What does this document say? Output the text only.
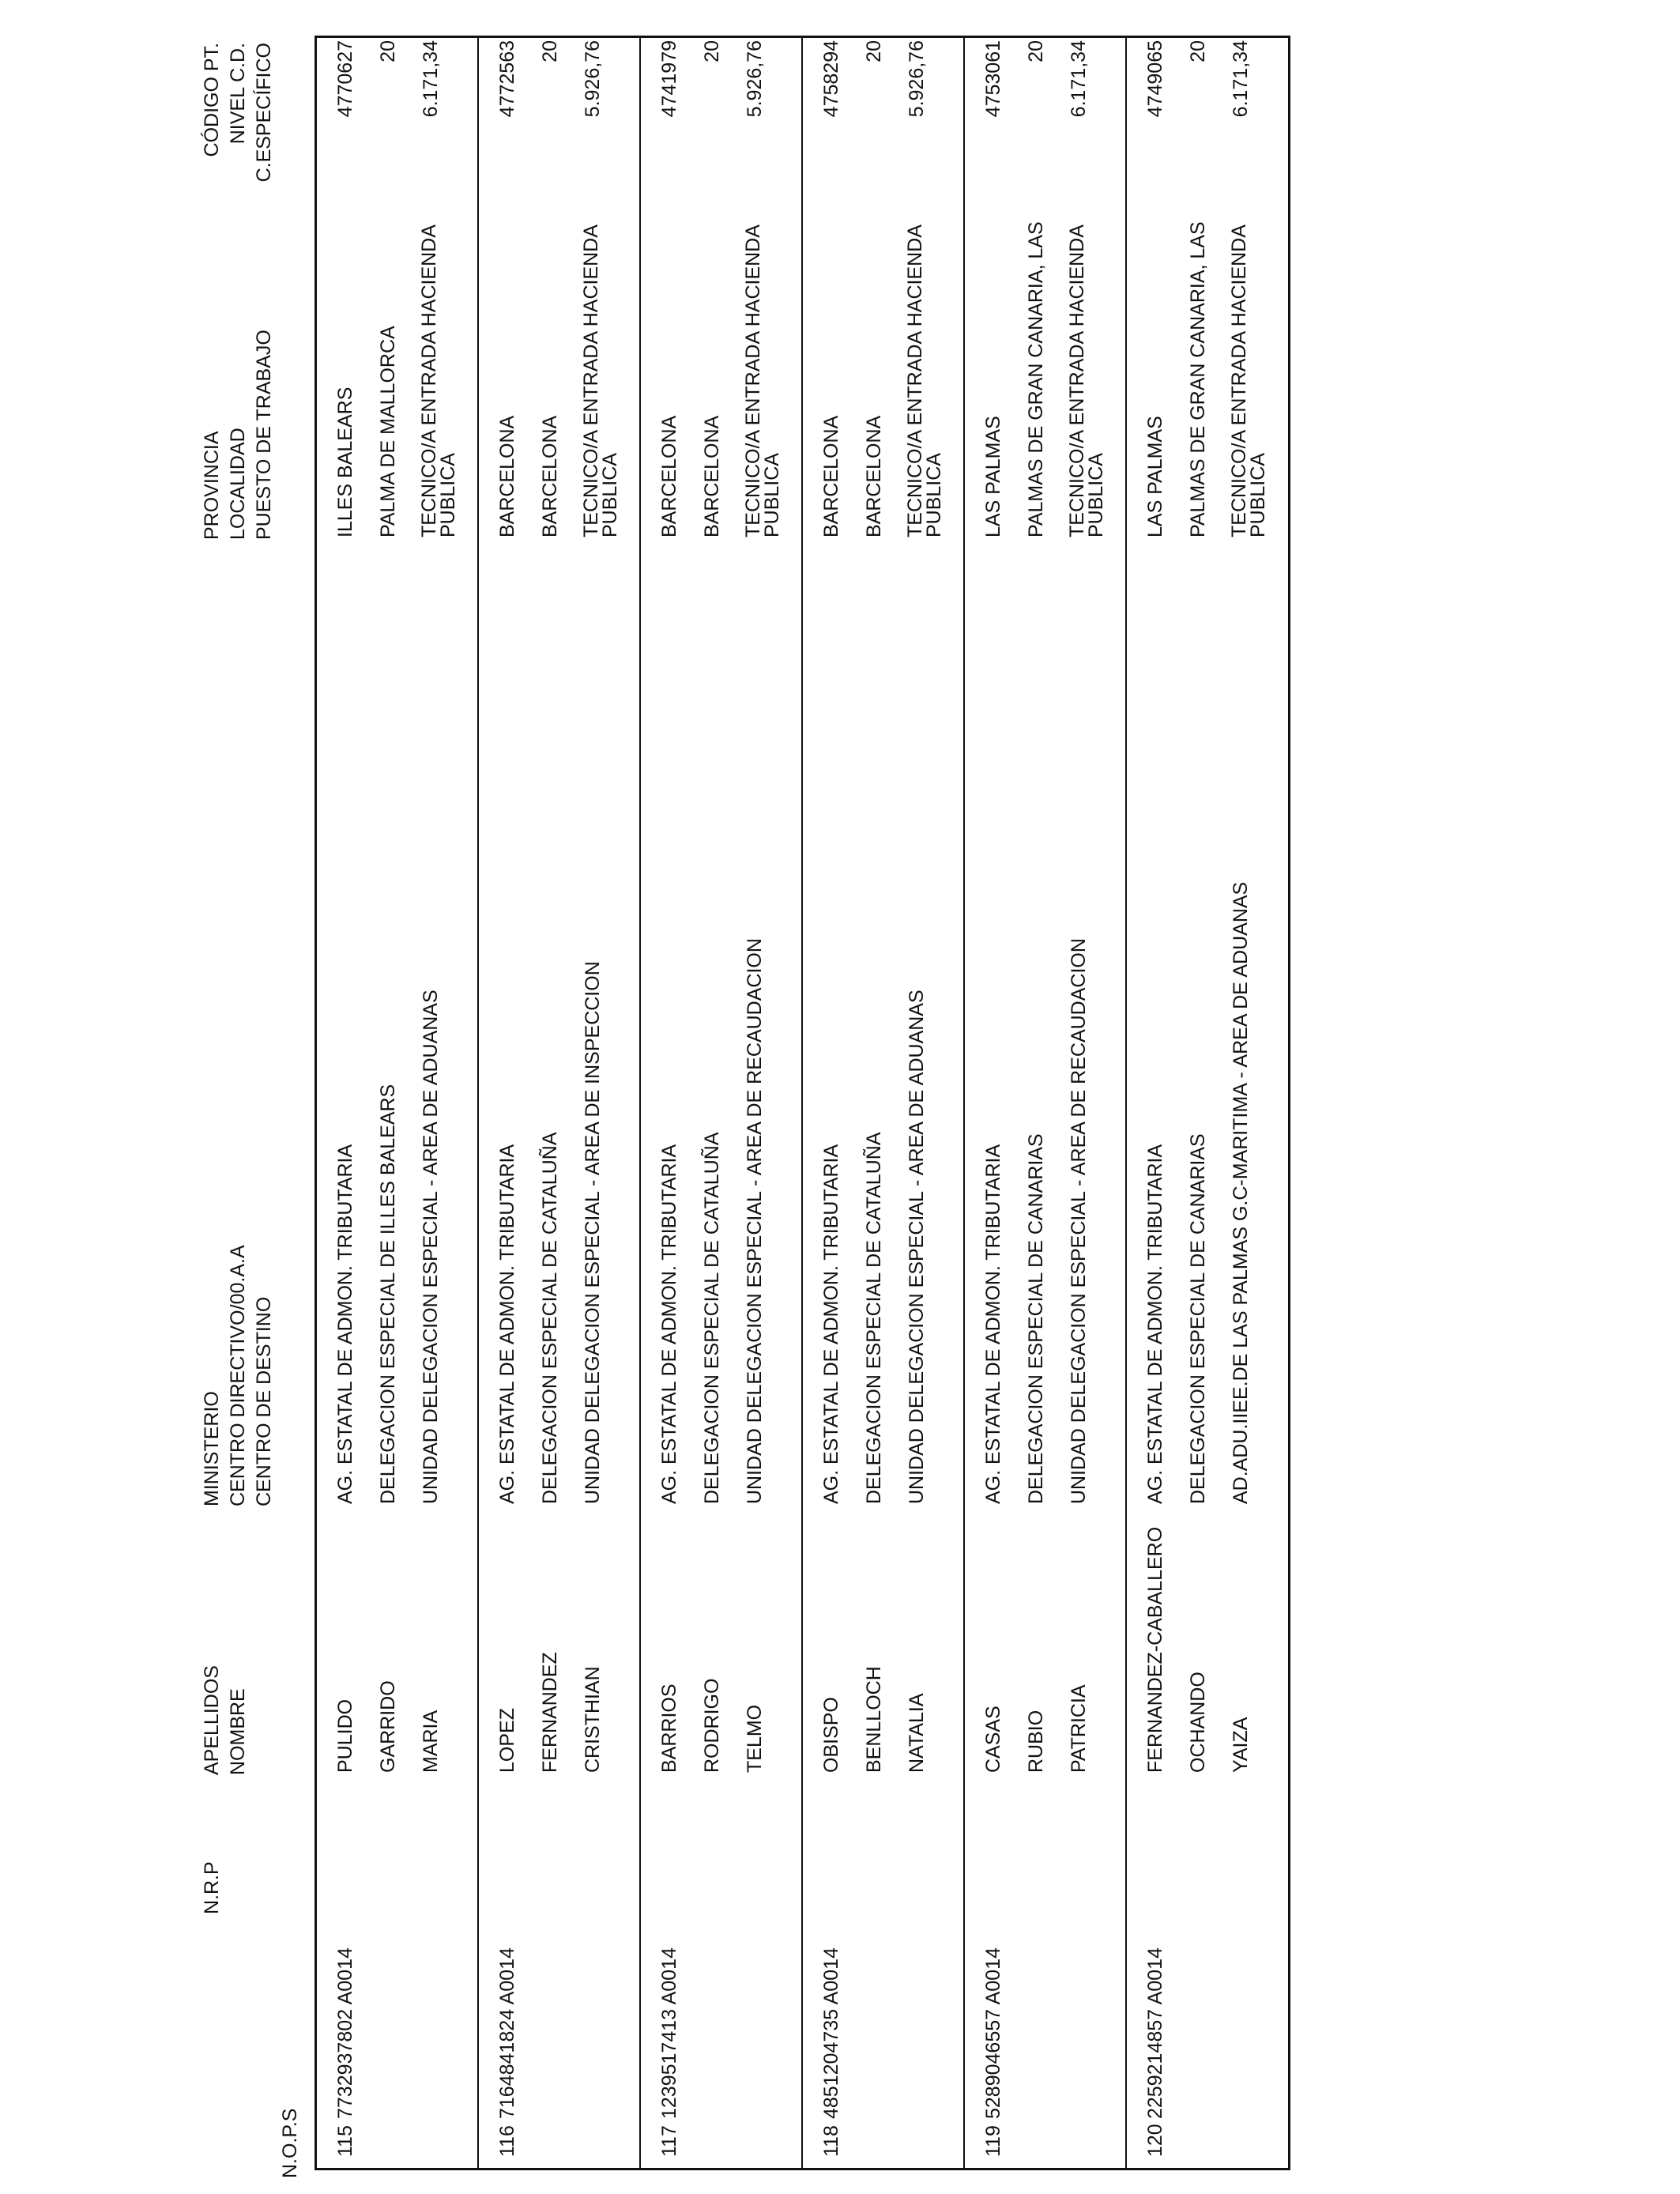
N.O.P.S
N.R.P
APELLIDOS NOMBRE
MINISTERIO CENTRO DIRECTIVO/00.A.A CENTRO DE DESTINO
PROVINCIA LOCALIDAD PUESTO DE TRABAJO
CÓDIGO PT. NIVEL C.D. C.ESPECÍFICO
115
7732937802 A0014
PULIDO GARRIDO MARIA
AG. ESTATAL DE ADMON. TRIBUTARIA DELEGACION ESPECIAL DE ILLES BALEARS UNIDAD DELEGACION ESPECIAL - AREA DE ADUANAS
ILLES BALEARS PALMA DE MALLORCA TECNICO/A ENTRADA HACIENDA
PUBLICA
4770627 20 6.171,34
116
7164841824 A0014
LOPEZ FERNANDEZ CRISTHIAN
AG. ESTATAL DE ADMON. TRIBUTARIA DELEGACION ESPECIAL DE CATALUÑA UNIDAD DELEGACION ESPECIAL - AREA DE INSPECCION
BARCELONA BARCELONA TECNICO/A ENTRADA HACIENDA
PUBLICA
4772563 20 5.926,76
117
1239517413 A0014
BARRIOS RODRIGO TELMO
AG. ESTATAL DE ADMON. TRIBUTARIA DELEGACION ESPECIAL DE CATALUÑA UNIDAD DELEGACION ESPECIAL - AREA DE RECAUDACION
BARCELONA BARCELONA TECNICO/A ENTRADA HACIENDA
PUBLICA
4741979 20 5.926,76
118
4851204735 A0014
OBISPO BENLLOCH NATALIA
AG. ESTATAL DE ADMON. TRIBUTARIA DELEGACION ESPECIAL DE CATALUÑA UNIDAD DELEGACION ESPECIAL - AREA DE ADUANAS
BARCELONA BARCELONA TECNICO/A ENTRADA HACIENDA
PUBLICA
4758294 20 5.926,76
119
5289046557 A0014
CASAS RUBIO PATRICIA
AG. ESTATAL DE ADMON. TRIBUTARIA DELEGACION ESPECIAL DE CANARIAS UNIDAD DELEGACION ESPECIAL - AREA DE RECAUDACION
LAS PALMAS PALMAS DE GRAN CANARIA, LAS TECNICO/A ENTRADA HACIENDA
PUBLICA
4753061 20 6.171,34
120
2259214857 A0014
FERNANDEZ-CABALLERO OCHANDO YAIZA
AG. ESTATAL DE ADMON. TRIBUTARIA DELEGACION ESPECIAL DE CANARIAS AD.ADU.IIEE.DE LAS PALMAS G.C-MARITIMA - AREA DE ADUANAS
LAS PALMAS PALMAS DE GRAN CANARIA, LAS TECNICO/A ENTRADA HACIENDA
PUBLICA
4749065 20 6.171,34
